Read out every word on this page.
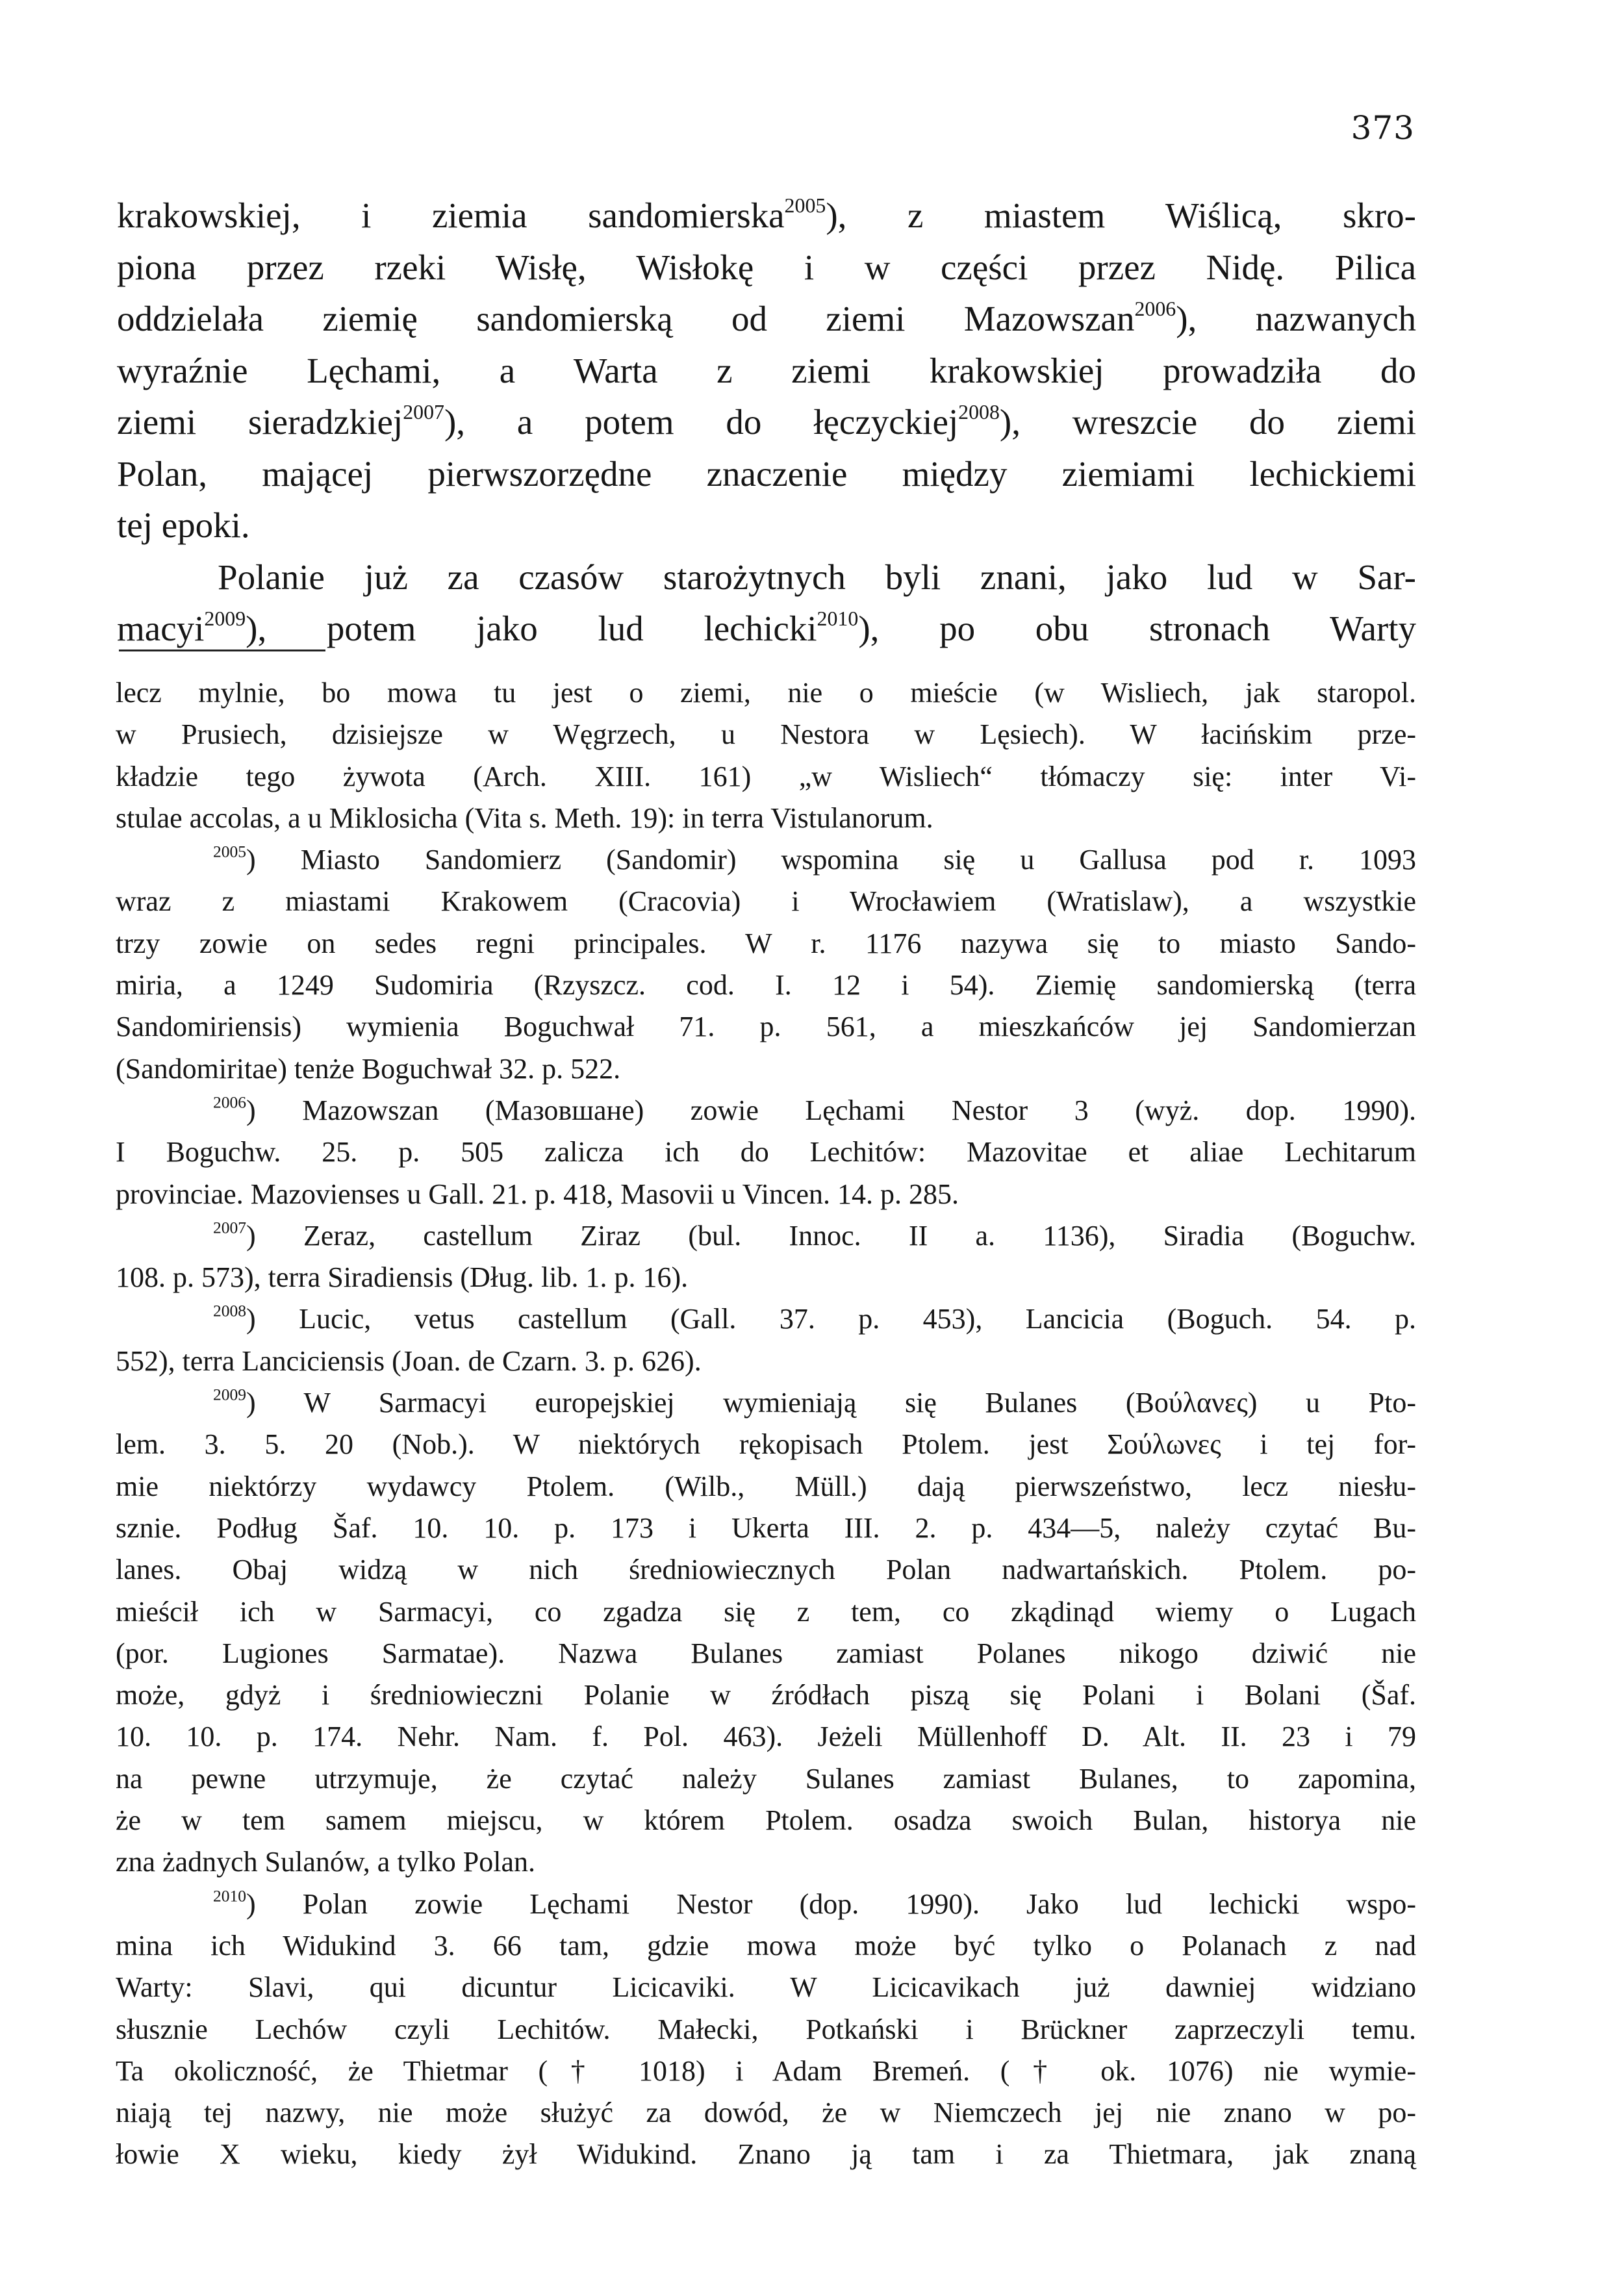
373
krakowskiej, i ziemia sandomierska$^{2005}$), z miastem Wiślicą, skro-
piona przez rzeki Wisłę, Wisłokę i w części przez Nidę. Pilica
oddzielała ziemię sandomierską od ziemi Mazowszan$^{2006}$), nazwanych
wyraźnie Lęchami, a Warta z ziemi krakowskiej prowadziła do
ziemi sieradzkiej$^{2007}$), a potem do łęczyckiej$^{2008}$), wreszcie do ziemi
Polan, mającej pierwszorzędne znaczenie między ziemiami lechickiemi
tej epoki.
Polanie już za czasów starożytnych byli znani, jako lud w Sar-
macyi$^{2009}$), potem jako lud lechicki$^{2010}$), po obu stronach Warty
lecz mylnie, bo mowa tu jest o ziemi, nie o mieście (w Wisliech, jak staropol.
w Prusiech, dzisiejsze w Węgrzech, u Nestora w Lęsiech). W łacińskim prze-
kładzie tego żywota (Arch. XIII. 161) „w Wisliech“ tłómaczy się: inter Vi-
stulae accolas, a u Miklosicha (Vita s. Meth. 19): in terra Vistulanorum.
$^{2005}$) Miasto Sandomierz (Sandomir) wspomina się u Gallusa pod r. 1093
wraz z miastami Krakowem (Cracovia) i Wrocławiem (Wratislaw), a wszystkie
trzy zowie on sedes regni principales. W r. 1176 nazywa się to miasto Sando-
miria, a 1249 Sudomiria (Rzyszcz. cod. I. 12 i 54). Ziemię sandomierską (terra
Sandomiriensis) wymienia Boguchwał 71. p. 561, a mieszkańców jej Sandomierzan
(Sandomiritae) tenże Boguchwał 32. p. 522.
$^{2006}$) Mazowszan (Мазовшане) zowie Lęchami Nestor 3 (wyż. dop. 1990).
I Boguchw. 25. p. 505 zalicza ich do Lechitów: Mazovitae et aliae Lechitarum
provinciae. Mazovienses u Gall. 21. p. 418, Masovii u Vincen. 14. p. 285.
$^{2007}$) Zeraz, castellum Ziraz (bul. Innoc. II a. 1136), Siradia (Boguchw.
108. p. 573), terra Siradiensis (Dług. lib. 1. p. 16).
$^{2008}$) Lucic, vetus castellum (Gall. 37. p. 453), Lancicia (Boguch. 54. p.
552), terra Lanciciensis (Joan. de Czarn. 3. p. 626).
$^{2009}$) W Sarmacyi europejskiej wymieniają się Bulanes (Βούλανες) u Pto-
lem. 3. 5. 20 (Nob.). W niektórych rękopisach Ptolem. jest Σούλωνες i tej for-
mie niektórzy wydawcy Ptolem. (Wilb., Müll.) dają pierwszeństwo, lecz niesłu-
sznie. Podług Šaf. 10. 10. p. 173 i Ukerta III. 2. p. 434—5, należy czytać Bu-
lanes. Obaj widzą w nich średniowiecznych Polan nadwartańskich. Ptolem. po-
mieścił ich w Sarmacyi, co zgadza się z tem, co zkądinąd wiemy o Lugach
(por. Lugiones Sarmatae). Nazwa Bulanes zamiast Polanes nikogo dziwić nie
może, gdyż i średniowieczni Polanie w źródłach piszą się Polani i Bolani (Šaf.
10. 10. p. 174. Nehr. Nam. f. Pol. 463). Jeżeli Müllenhoff D. Alt. II. 23 i 79
na pewne utrzymuje, że czytać należy Sulanes zamiast Bulanes, to zapomina,
że w tem samem miejscu, w którem Ptolem. osadza swoich Bulan, historya nie
zna żadnych Sulanów, a tylko Polan.
$^{2010}$) Polan zowie Lęchami Nestor (dop. 1990). Jako lud lechicki wspo-
mina ich Widukind 3. 66 tam, gdzie mowa może być tylko o Polanach z nad
Warty: Slavi, qui dicuntur Licicaviki. W Licicavikach już dawniej widziano
słusznie Lechów czyli Lechitów. Małecki, Potkański i Brückner zaprzeczyli temu.
Ta okoliczność, że Thietmar († 1018) i Adam Bremeń. († ok. 1076) nie wymie-
niają tej nazwy, nie może służyć za dowód, że w Niemczech jej nie znano w po-
łowie X wieku, kiedy żył Widukind. Znano ją tam i za Thietmara, jak znaną
